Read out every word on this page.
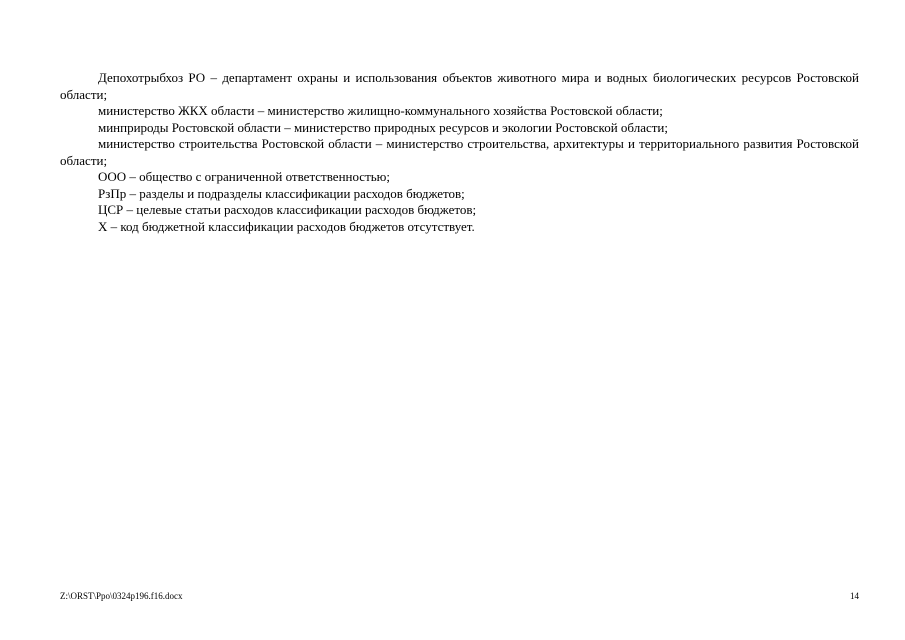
Депохотрыбхоз РО – департамент охраны и использования объектов животного мира и водных биологических ресурсов Ростовской области;

министерство ЖКХ области – министерство жилищно-коммунального хозяйства Ростовской области;

минприроды Ростовской области – министерство природных ресурсов и экологии Ростовской области;

министерство строительства Ростовской области – министерство строительства, архитектуры и территориального развития Ростовской области;

ООО – общество с ограниченной ответственностью;

РзПр – разделы и подразделы классификации расходов бюджетов;

ЦСР – целевые статьи расходов классификации расходов бюджетов;

Х – код бюджетной классификации расходов бюджетов отсутствует.

Z:\ORST\Ppo\0324p196.f16.docx	14
